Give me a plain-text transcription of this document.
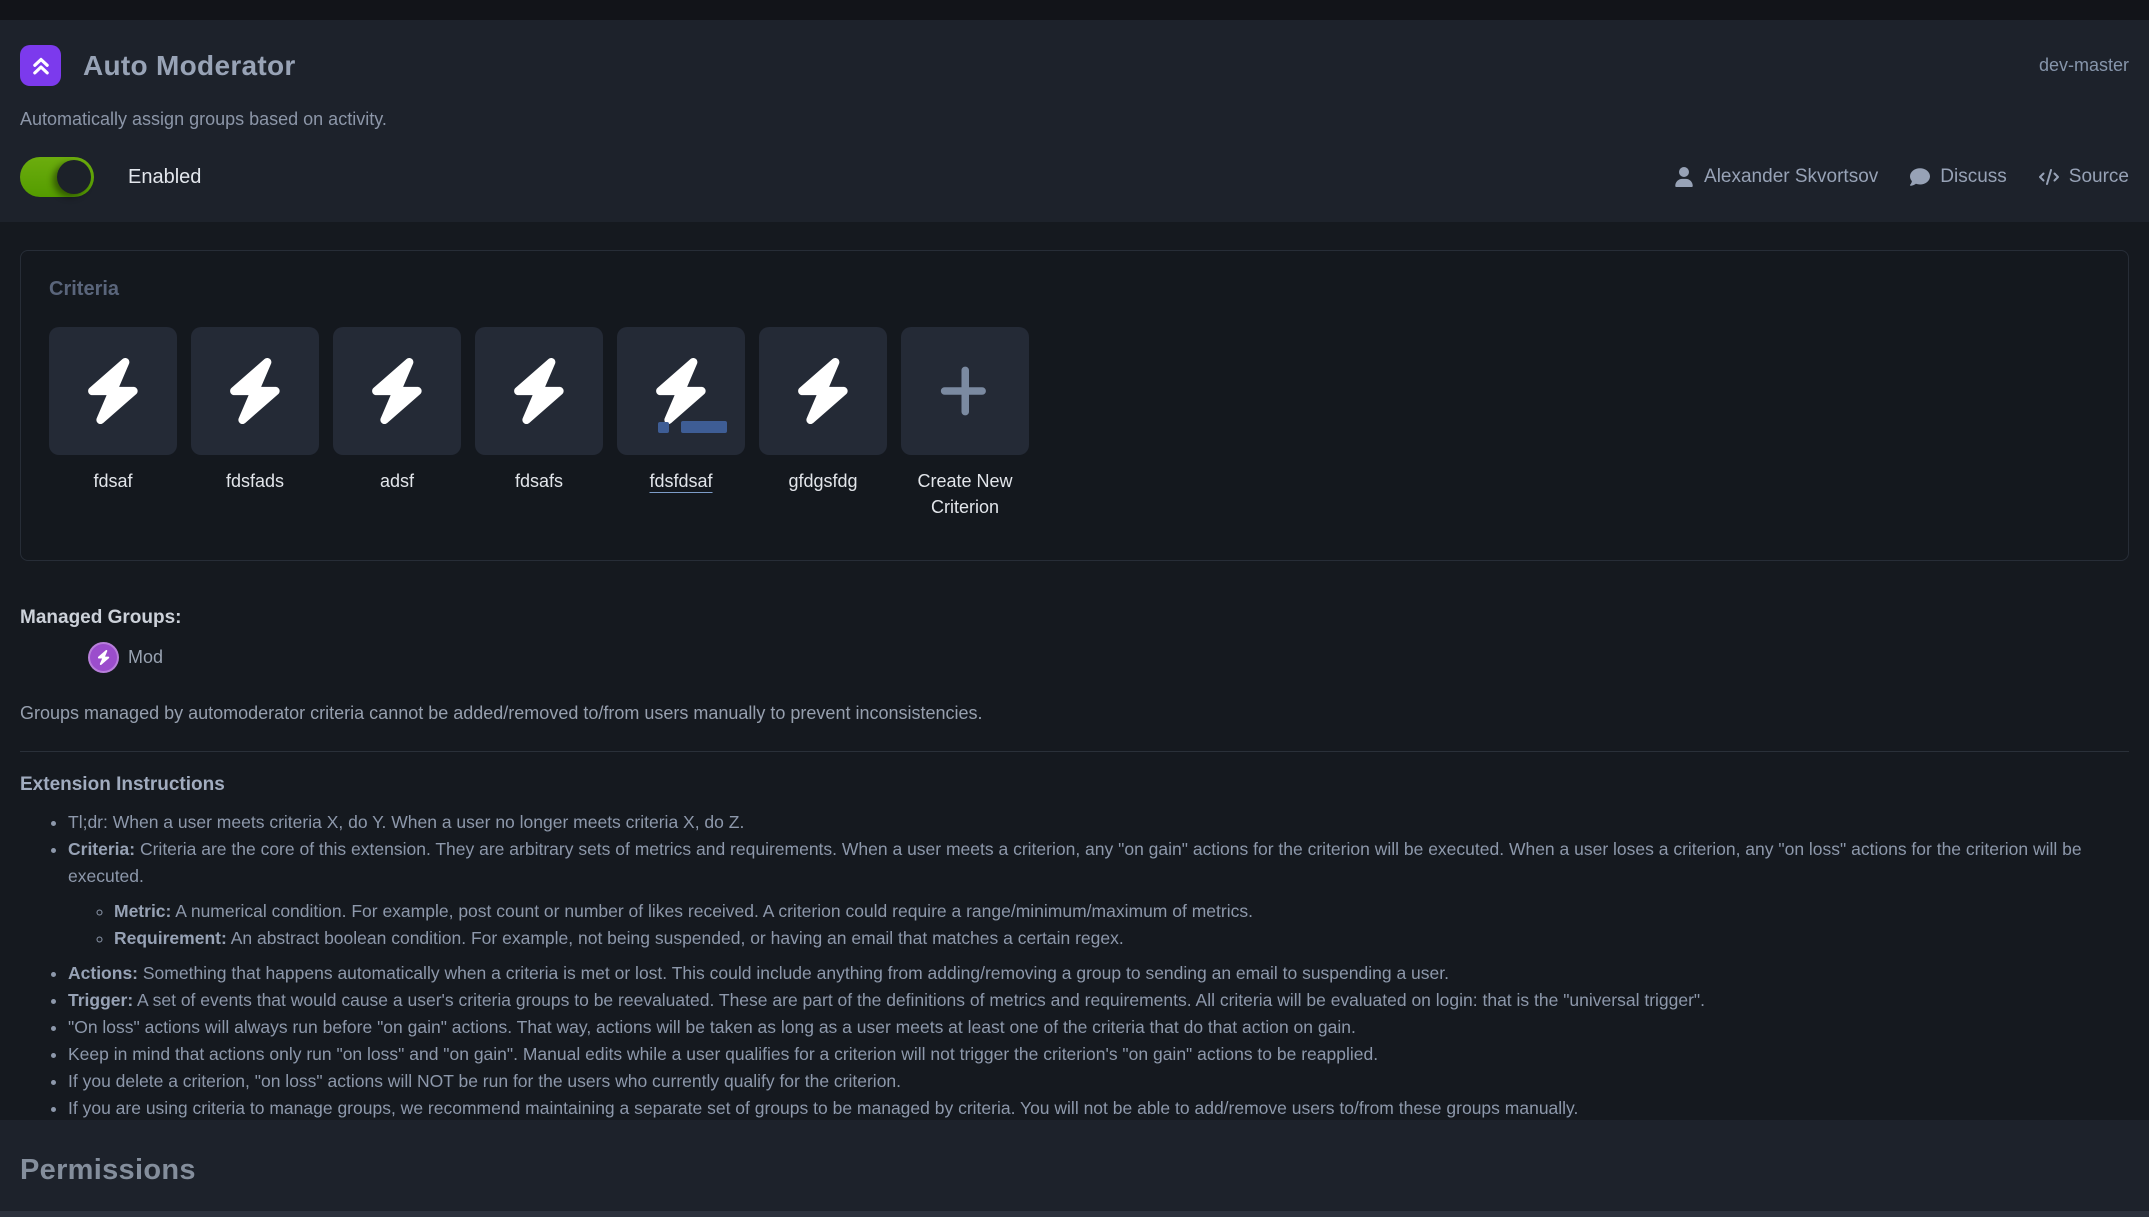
Auto Moderator	dev-master

Automatically assign groups based on activity.

Enabled	Alexander Skvortsov	Discuss	Source
Criteria
fdsaf	fdsfads	adsf	fdsafs	fdsfdsaf	gfdgsfdg	Create New Criterion
Managed Groups:
Mod

Groups managed by automoderator criteria cannot be added/removed to/from users manually to prevent inconsistencies.

Extension Instructions
• Tl;dr: When a user meets criteria X, do Y. When a user no longer meets criteria X, do Z.
• Criteria: Criteria are the core of this extension. They are arbitrary sets of metrics and requirements. When a user meets a criterion, any "on gain" actions for the criterion will be executed. When a user loses a criterion, any "on loss" actions for the criterion will be executed.
◦ Metric: A numerical condition. For example, post count or number of likes received. A criterion could require a range/minimum/maximum of metrics.
◦ Requirement: An abstract boolean condition. For example, not being suspended, or having an email that matches a certain regex.
• Actions: Something that happens automatically when a criteria is met or lost. This could include anything from adding/removing a group to sending an email to suspending a user.
• Trigger: A set of events that would cause a user's criteria groups to be reevaluated. These are part of the definitions of metrics and requirements. All criteria will be evaluated on login: that is the "universal trigger".
• "On loss" actions will always run before "on gain" actions. That way, actions will be taken as long as a user meets at least one of the criteria that do that action on gain.
• Keep in mind that actions only run "on loss" and "on gain". Manual edits while a user qualifies for a criterion will not trigger the criterion's "on gain" actions to be reapplied.
• If you delete a criterion, "on loss" actions will NOT be run for the users who currently qualify for the criterion.
• If you are using criteria to manage groups, we recommend maintaining a separate set of groups to be managed by criteria. You will not be able to add/remove users to/from these groups manually.
Permissions
